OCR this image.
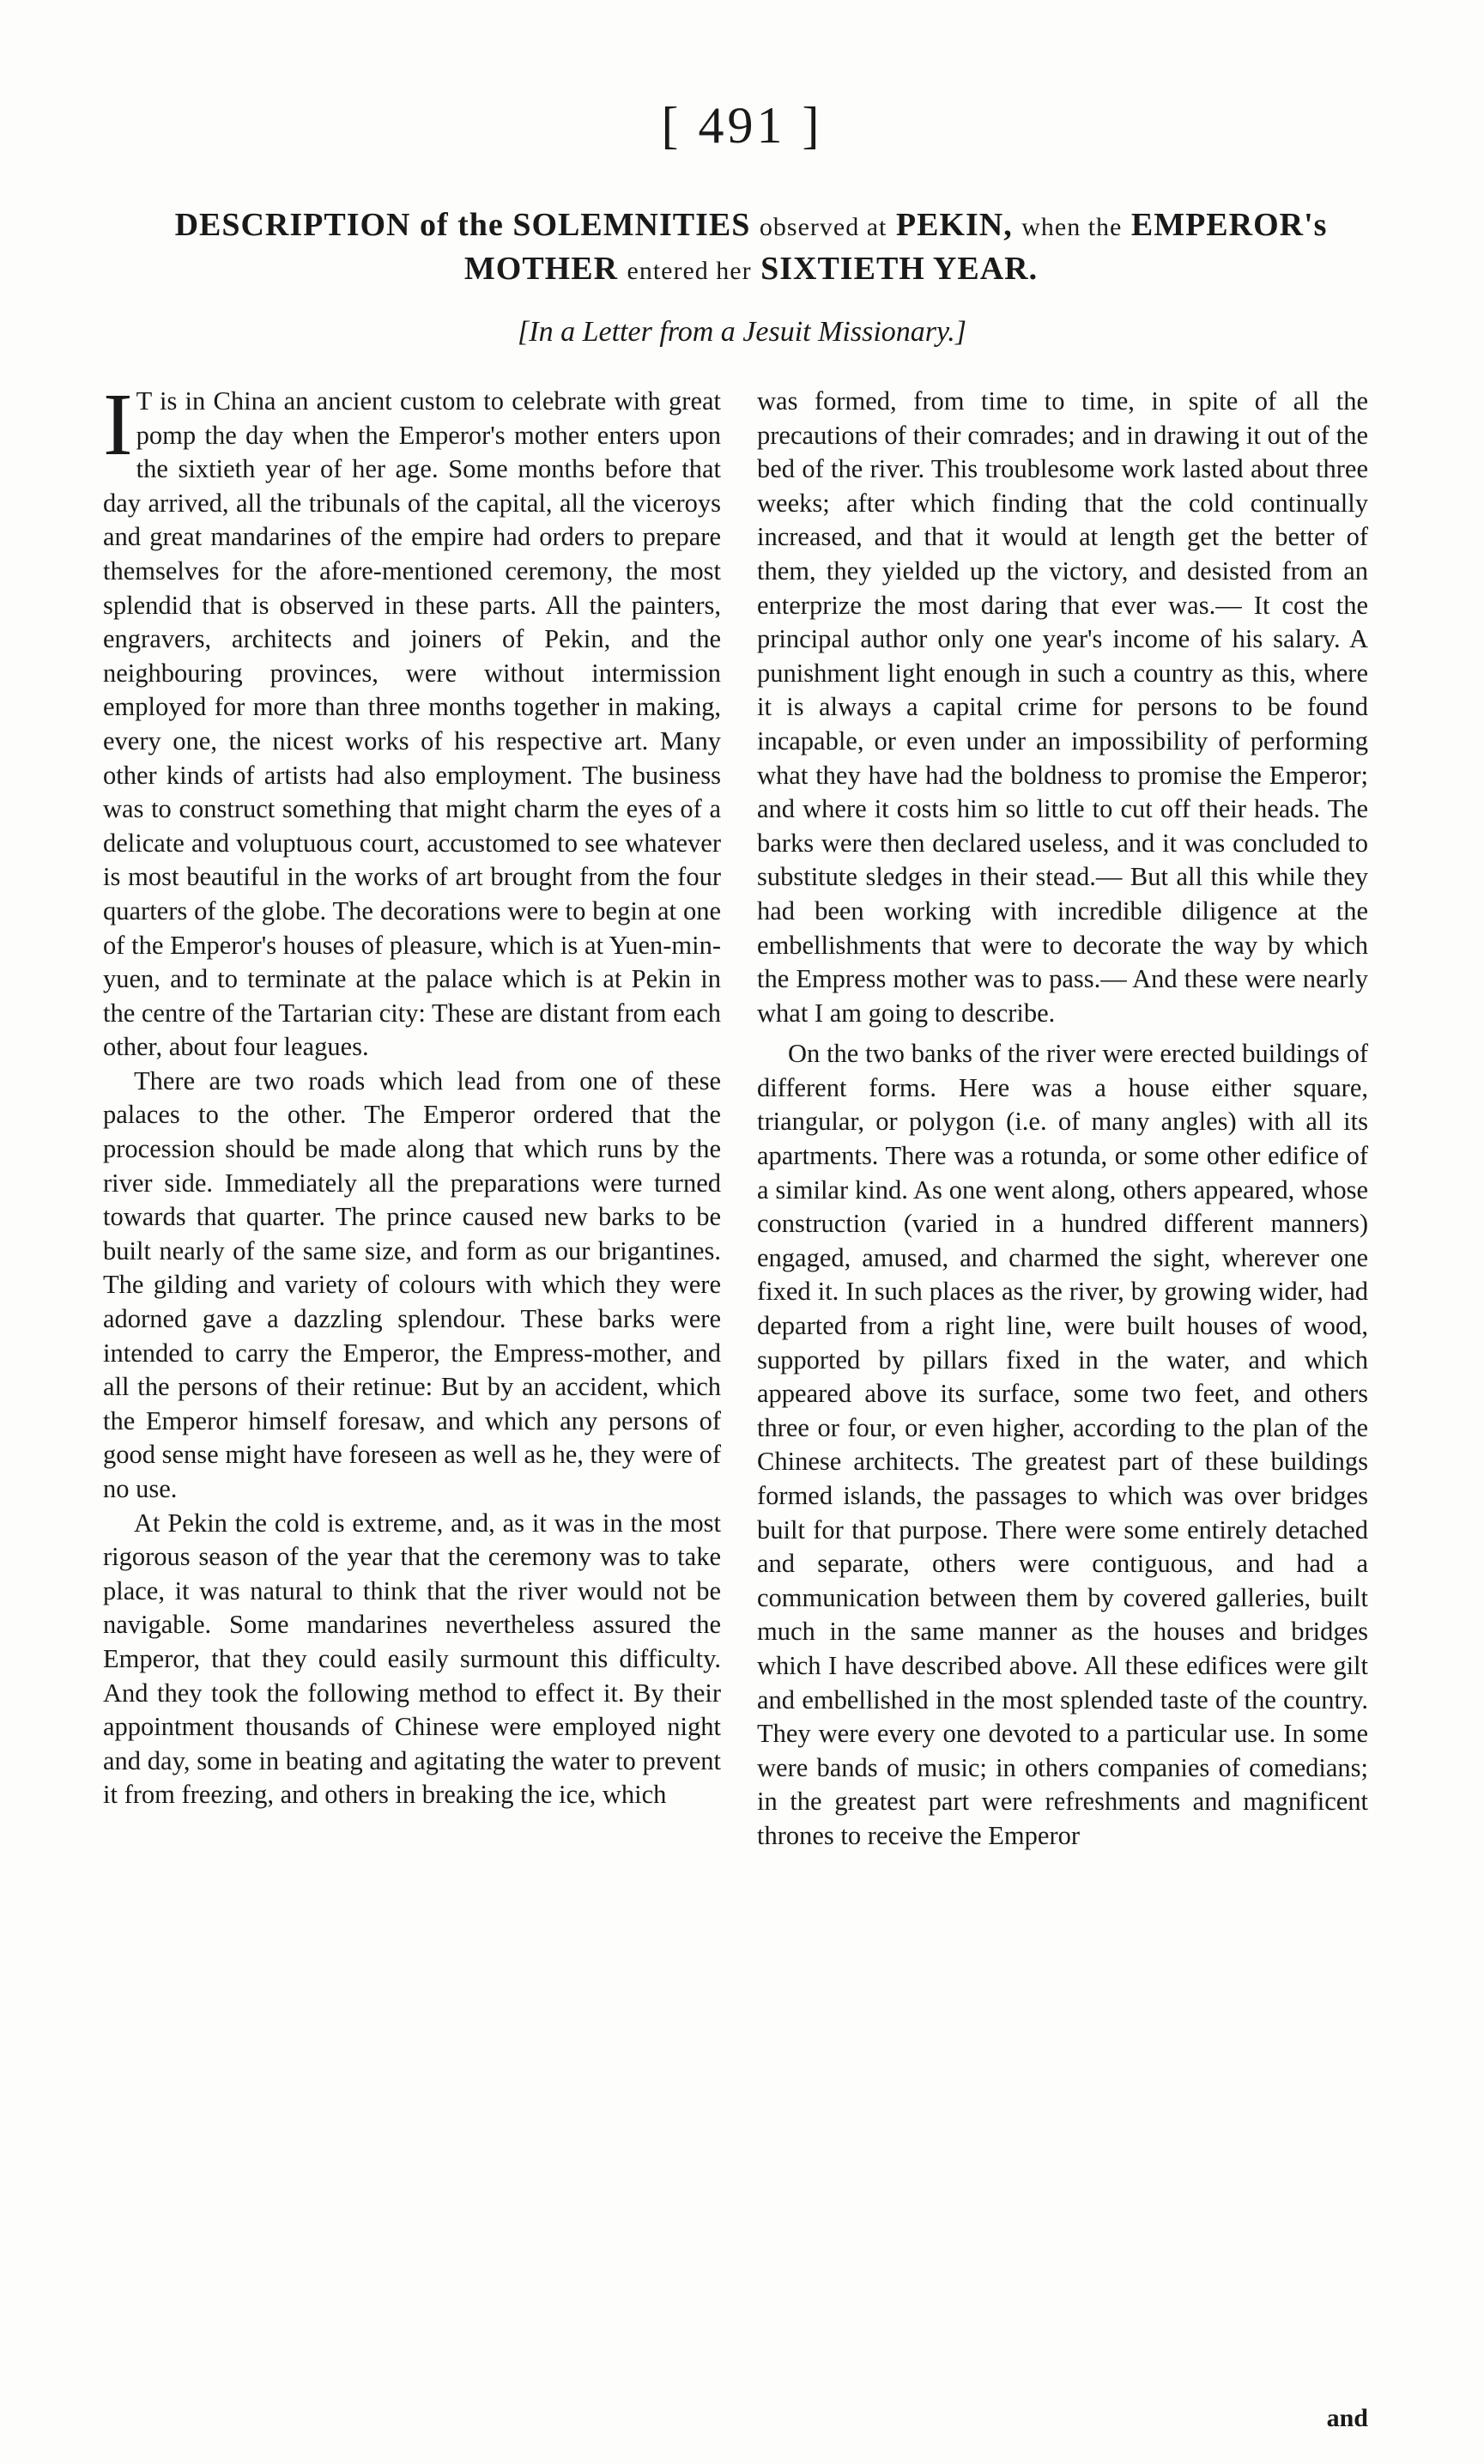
[ 491 ]
DESCRIPTION of the SOLEMNITIES observed at PEKIN, when the EMPEROR's
MOTHER entered her SIXTIETH YEAR.
[In a Letter from a Jesuit Missionary.]

I T is in China an ancient custom to celebrate with great pomp the day when the Emperor's mother enters upon the sixtieth year of her age. Some months before that day arrived, all the tribunals of the capital, all the viceroys and great mandarines of the empire had orders to prepare themselves for the afore-mentioned ceremony, the most splendid that is observed in these parts. All the painters, engravers, architects and joiners of Pekin, and the neighbouring provinces, were without intermission employed for more than three months together in making, every one, the nicest works of his respective art. Many other kinds of artists had also employment. The business was to construct something that might charm the eyes of a delicate and voluptuous court, accustomed to see whatever is most beautiful in the works of art brought from the four quarters of the globe. The decorations were to begin at one of the Emperor's houses of pleasure, which is at Yuen-min-yuen, and to terminate at the palace which is at Pekin in the centre of the Tartarian city: These are distant from each other, about four leagues.

There are two roads which lead from one of these palaces to the other. The Emperor ordered that the procession should be made along that which runs by the river side. Immediately all the preparations were turned towards that quarter. The prince caused new barks to be built nearly of the same size, and form as our brigantines. The gilding and variety of colours with which they were adorned gave a dazzling splendour. These barks were intended to carry the Emperor, the Empress-mother, and all the persons of their retinue: But by an accident, which the Emperor himself foresaw, and which any persons of good sense might have foreseen as well as he, they were of no use.

At Pekin the cold is extreme, and, as it was in the most rigorous season of the year that the ceremony was to take place, it was natural to think that the river would not be navigable. Some mandarines nevertheless assured the Emperor, that they could easily surmount this difficulty. And they took the following method to effect it. By their appointment thousands of Chinese were employed night and day, some in beating and agitating the water to prevent it from freezing, and others in breaking the ice, which

was formed, from time to time, in spite of all the precautions of their comrades; and in drawing it out of the bed of the river. This troublesome work lasted about three weeks; after which finding that the cold continually increased, and that it would at length get the better of them, they yielded up the victory, and desisted from an enterprize the most daring that ever was.— It cost the principal author only one year's income of his salary. A punishment light enough in such a country as this, where it is always a capital crime for persons to be found incapable, or even under an impossibility of performing what they have had the boldness to promise the Emperor; and where it costs him so little to cut off their heads. The barks were then declared useless, and it was concluded to substitute sledges in their stead.— But all this while they had been working with incredible diligence at the embellishments that were to decorate the way by which the Empress mother was to pass.— And these were nearly what I am going to describe.

On the two banks of the river were erected buildings of different forms. Here was a house either square, triangular, or polygon (i.e. of many angles) with all its apartments. There was a rotunda, or some other edifice of a similar kind. As one went along, others appeared, whose construction (varied in a hundred different manners) engaged, amused, and charmed the sight, wherever one fixed it. In such places as the river, by growing wider, had departed from a right line, were built houses of wood, supported by pillars fixed in the water, and which appeared above its surface, some two feet, and others three or four, or even higher, according to the plan of the Chinese architects. The greatest part of these buildings formed islands, the passages to which was over bridges built for that purpose. There were some entirely detached and separate, others were contiguous, and had a communication between them by covered galleries, built much in the same manner as the houses and bridges which I have described above. All these edifices were gilt and embellished in the most splended taste of the country. They were every one devoted to a particular use. In some were bands of music; in others companies of comedians; in the greatest part were refreshments and magnificent thrones to receive the Emperor

and
